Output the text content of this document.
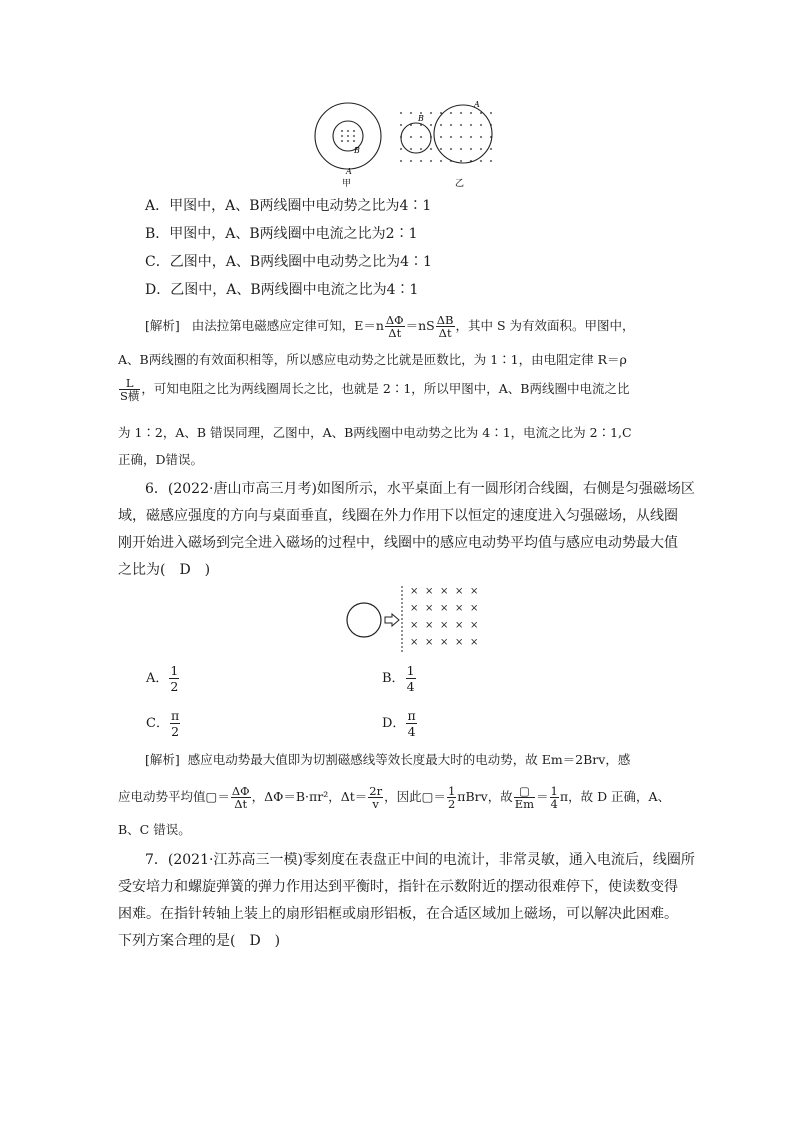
B
A
甲
B
A
乙
A．甲图中，A、B两线圈中电动势之比为4∶1
B．甲图中，A、B两线圈中电流之比为2∶1
C．乙图中，A、B两线圈中电动势之比为4∶1
D．乙图中，A、B两线圈中电流之比为4∶1
[解析] 由法拉第电磁感应定律可知，$E=n \frac{\Delta\Phi}{\Delta t} =nS \frac{\Delta B}{\Delta t}$ ，其中 S 为有效面积。甲图中，
A、B两线圈的有效面积相等，所以感应电动势之比就是匝数比，为 1∶1，由电阻定律 R＝ρ
$\frac{L}{\text{S横}}$ ，可知电阻之比为两线圈周长之比，也就是 2∶1，所以甲图中，A、B两线圈中电流之比
为 1∶2，A、B 错误同理，乙图中，A、B两线圈中电动势之比为 4∶1，电流之比为 2∶1,C
正确，D错误。
6．(2022·唐山市高三月考)如图所示，水平桌面上有一圆形闭合线圈，右侧是匀强磁场区
域，磁感应强度的方向与桌面垂直，线圈在外力作用下以恒定的速度进入匀强磁场，从线圈
刚开始进入磁场到完全进入磁场的过程中，线圈中的感应电动势平均值与感应电动势最大值
之比为(　D　)
× × × × ×
× × × × ×
× × × × ×
× × × × ×
A． $\frac{1}{2}$	B． $\frac{1}{4}$
C． $\frac{\pi}{2}$	D． $\frac{\pi}{4}$
[解析] 感应电动势最大值即为切割磁感线等效长度最大时的电动势，故 Em＝2Brv，感
应电动势平均值▢＝ $\frac{\Delta\Phi}{\Delta t}$ ，ΔΦ＝B·πr²，$\Delta t= \frac{2r}{v}$ ，因此▢＝ $\frac{1}{2}$ πBrv，故 $\frac{▢}{Em} = \frac{1}{4}$ π，故 D 正确，A、
B、C 错误。
7．(2021·江苏高三一模)零刻度在表盘正中间的电流计，非常灵敏，通入电流后，线圈所
受安培力和螺旋弹簧的弹力作用达到平衡时，指针在示数附近的摆动很难停下，使读数变得
困难。在指针转轴上装上的扇形铝框或扇形铝板，在合适区域加上磁场，可以解决此困难。
下列方案合理的是(　D　)
